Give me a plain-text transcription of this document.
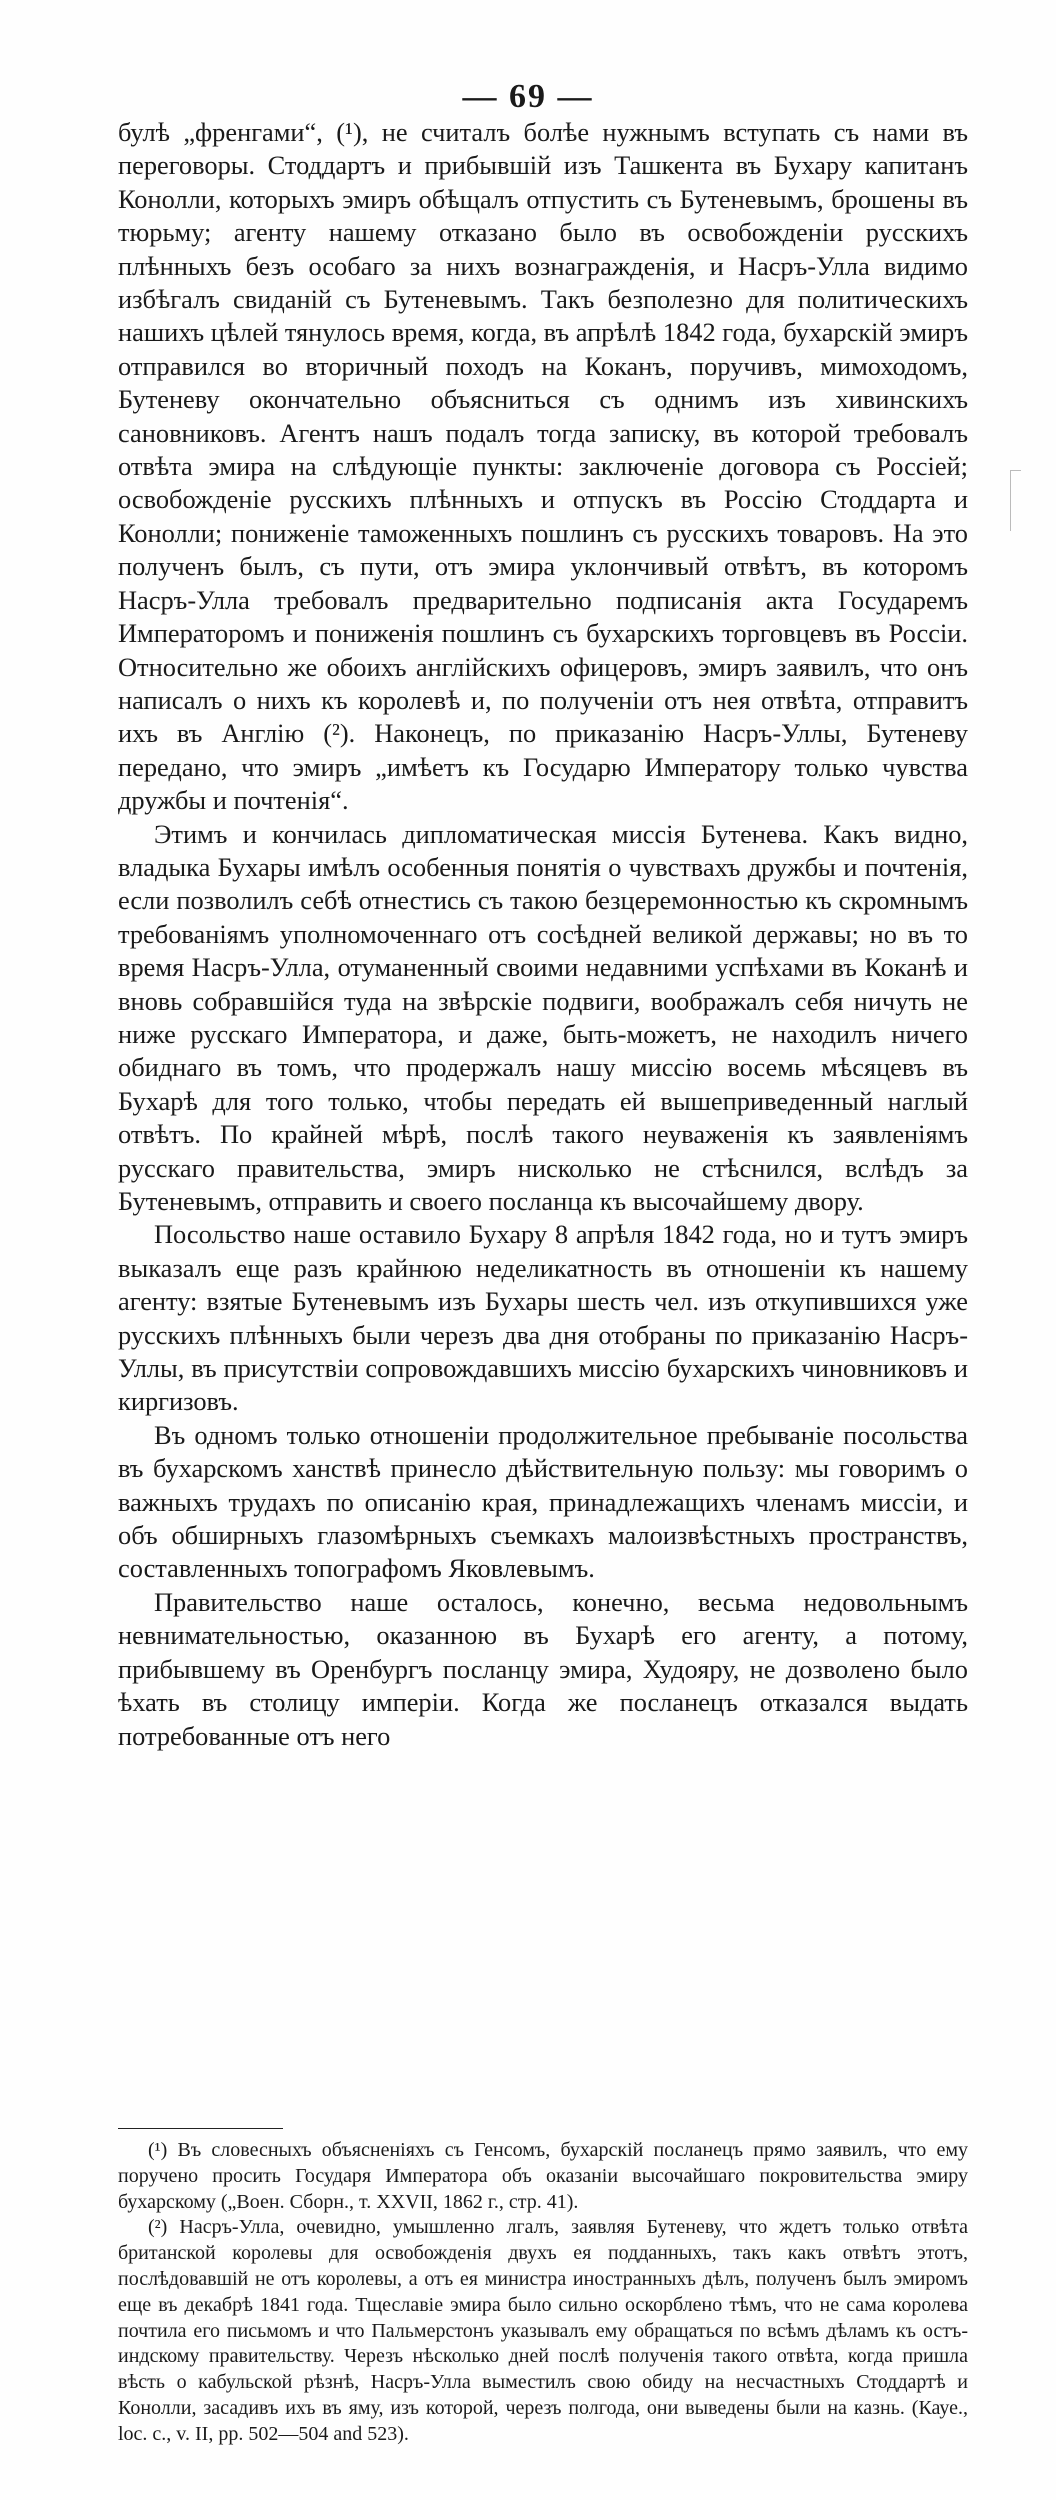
— 69 —

булѣ „френгами“, (¹), не считалъ болѣе нужнымъ вступать съ нами въ переговоры. Стоддартъ и прибывшій изъ Ташкента въ Бухару капитанъ Конолли, которыхъ эмиръ обѣщалъ отпустить съ Бутеневымъ, брошены въ тюрьму; агенту нашему отказано было въ освобожденіи русскихъ плѣнныхъ безъ особаго за нихъ вознагражденія, и Насръ-Улла видимо избѣгалъ свиданій съ Бутеневымъ. Такъ безполезно для политическихъ нашихъ цѣлей тянулось время, когда, въ апрѣлѣ 1842 года, бухарскій эмиръ отправился во вторичный походъ на Коканъ, поручивъ, мимоходомъ, Бутеневу окончательно объясниться съ однимъ изъ хивинскихъ сановниковъ. Агентъ нашъ подалъ тогда записку, въ которой требовалъ отвѣта эмира на слѣдующіе пункты: заключеніе договора съ Россіей; освобожденіе русскихъ плѣнныхъ и отпускъ въ Россію Стоддарта и Конолли; пониженіе таможенныхъ пошлинъ съ русскихъ товаровъ. На это полученъ былъ, съ пути, отъ эмира уклончивый отвѣтъ, въ которомъ Насръ-Улла требовалъ предварительно подписанія акта Государемъ Императоромъ и пониженія пошлинъ съ бухарскихъ торговцевъ въ Россіи. Относительно же обоихъ англійскихъ офицеровъ, эмиръ заявилъ, что онъ написалъ о нихъ къ королевѣ и, по полученіи отъ нея отвѣта, отправитъ ихъ въ Англію (²). Наконецъ, по приказанію Насръ-Уллы, Бутеневу передано, что эмиръ „имѣетъ къ Государю Императору только чувства дружбы и почтенія“.

Этимъ и кончилась дипломатическая миссія Бутенева. Какъ видно, владыка Бухары имѣлъ особенныя понятія о чувствахъ дружбы и почтенія, если позволилъ себѣ отнестись съ такою безцеремонностью къ скромнымъ требованіямъ уполномоченнаго отъ сосѣдней великой державы; но въ то время Насръ-Улла, отуманенный своими недавними успѣхами въ Коканѣ и вновь собравшійся туда на звѣрскіе подвиги, воображалъ себя ничуть не ниже русскаго Императора, и даже, быть-можетъ, не находилъ ничего обиднаго въ томъ, что продержалъ нашу миссію восемь мѣсяцевъ въ Бухарѣ для того только, чтобы передать ей вышеприведенный наглый отвѣтъ. По крайней мѣрѣ, послѣ такого неуваженія къ заявленіямъ русскаго правительства, эмиръ нисколько не стѣснился, вслѣдъ за Бутеневымъ, отправить и своего посланца къ высочайшему двору.

Посольство наше оставило Бухару 8 апрѣля 1842 года, но и тутъ эмиръ выказалъ еще разъ крайнюю неделикатность въ отношеніи къ нашему агенту: взятые Бутеневымъ изъ Бухары шесть чел. изъ откупившихся уже русскихъ плѣнныхъ были черезъ два дня отобраны по приказанію Насръ-Уллы, въ присутствіи сопровождавшихъ миссію бухарскихъ чиновниковъ и киргизовъ.

Въ одномъ только отношеніи продолжительное пребываніе посольства въ бухарскомъ ханствѣ принесло дѣйствительную пользу: мы говоримъ о важныхъ трудахъ по описанію края, принадлежащихъ членамъ миссіи, и объ обширныхъ глазомѣрныхъ съемкахъ малоизвѣстныхъ пространствъ, составленныхъ топографомъ Яковлевымъ.

Правительство наше осталось, конечно, весьма недовольнымъ невнимательностью, оказанною въ Бухарѣ его агенту, а потому, прибывшему въ Оренбургъ посланцу эмира, Худояру, не дозволено было ѣхать въ столицу имперіи. Когда же посланецъ отказался выдать потребованные отъ него

(¹) Въ словесныхъ объясненіяхъ съ Генсомъ, бухарскій посланецъ прямо заявилъ, что ему поручено просить Государя Императора объ оказаніи высочайшаго покровительства эмиру бухарскому („Воен. Сборн., т. XXVII, 1862 г., стр. 41).

(²) Насръ-Улла, очевидно, умышленно лгалъ, заявляя Бутеневу, что ждетъ только отвѣта британской королевы для освобожденія двухъ ея подданныхъ, такъ какъ отвѣтъ этотъ, послѣдовавшій не отъ королевы, а отъ ея министра иностранныхъ дѣлъ, полученъ былъ эмиромъ еще въ декабрѣ 1841 года. Тщеславіе эмира было сильно оскорблено тѣмъ, что не сама королева почтила его письмомъ и что Пальмерстонъ указывалъ ему обращаться по всѣмъ дѣламъ къ остъ-индскому правительству. Черезъ нѣсколько дней послѣ полученія такого отвѣта, когда пришла вѣсть о кабульской рѣзнѣ, Насръ-Улла выместилъ свою обиду на несчастныхъ Стоддартѣ и Конолли, засадивъ ихъ въ яму, изъ которой, черезъ полгода, они выведены были на казнь. (Кауе., loc. c., v. II, pp. 502—504 and 523).
